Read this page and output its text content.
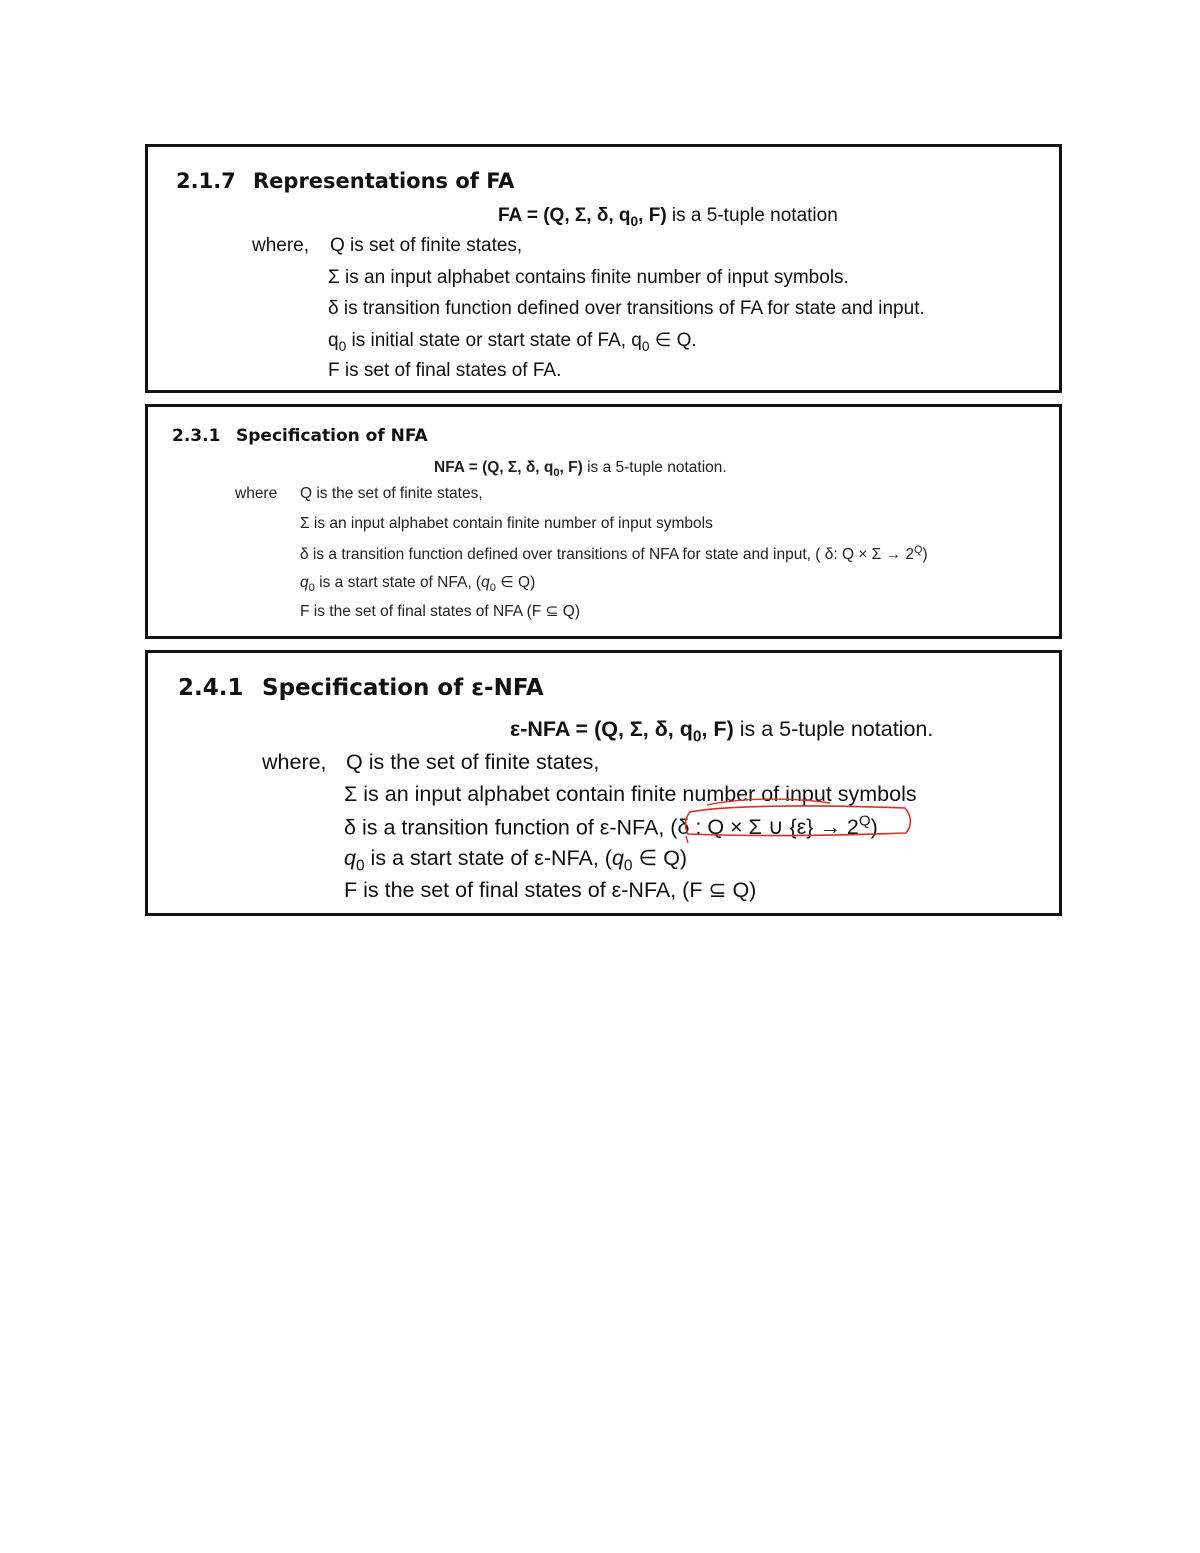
2.1.7 Representations of FA
FA = (Q, Σ, δ, $q_0$, F) is a 5-tuple notation
where, Q is set of finite states,
Σ is an input alphabet contains finite number of input symbols.
δ is transition function defined over transitions of FA for state and input.
$q_0$ is initial state or start state of FA, $q_0$ ∈ Q.
F is set of final states of FA.
2.3.1 Specification of NFA
NFA = (Q, Σ, δ, $q_0$, F) is a 5-tuple notation.
where Q is the set of finite states,
Σ is an input alphabet contain finite number of input symbols
δ is a transition function defined over transitions of NFA for state and input, ( δ: $Q \times \Sigma \to 2^Q$)
$q_0$ is a start state of NFA, ($q_0$ ∈ Q)
F is the set of final states of NFA (F ⊆ Q)
2.4.1 Specification of ε-NFA
ε-NFA = (Q, Σ, δ, $q_0$, F) is a 5-tuple notation.
where, Q is the set of finite states,
Σ is an input alphabet contain finite number of input symbols
δ is a transition function of ε-NFA, (δ : Q × Σ ∪ $\{\varepsilon\} \to 2^Q$)
$q_0$ is a start state of ε-NFA, ($q_0$ ∈ Q)
F is the set of final states of ε-NFA, (F ⊆ Q)
